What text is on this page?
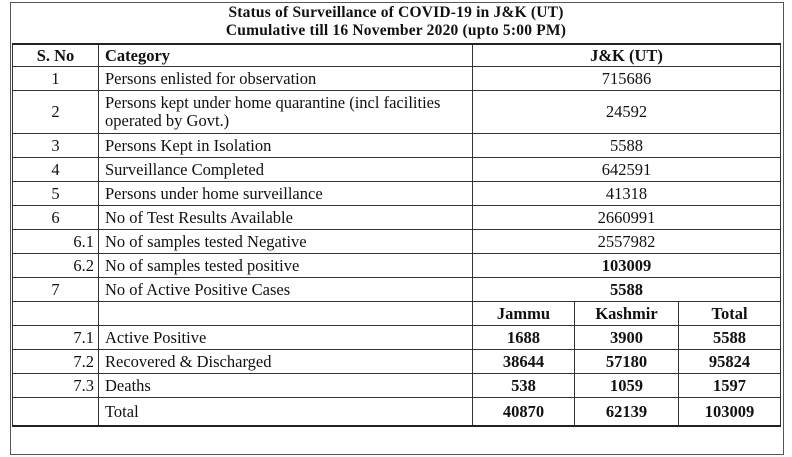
Status of Surveillance of COVID-19 in J&K (UT)
Cumulative till 16 November 2020 (upto 5:00 PM)
S. No	Category	J&K (UT)		
1	Persons enlisted for observation	715686		
2	Persons kept under home quarantine (incl facilities operated by Govt.)	24592		
3	Persons Kept in Isolation	5588		
4	Surveillance Completed	642591		
5	Persons under home surveillance	41318		
6	No of Test Results Available	2660991		
6.1	No of samples tested Negative	2557982		
6.2	No of samples tested positive	103009		
7	No of Active Positive Cases	5588		
		Jammu	Kashmir	Total
7.1	Active Positive	1688	3900	5588
7.2	Recovered & Discharged	38644	57180	95824
7.3	Deaths	538	1059	1597
	Total	40870	62139	103009
